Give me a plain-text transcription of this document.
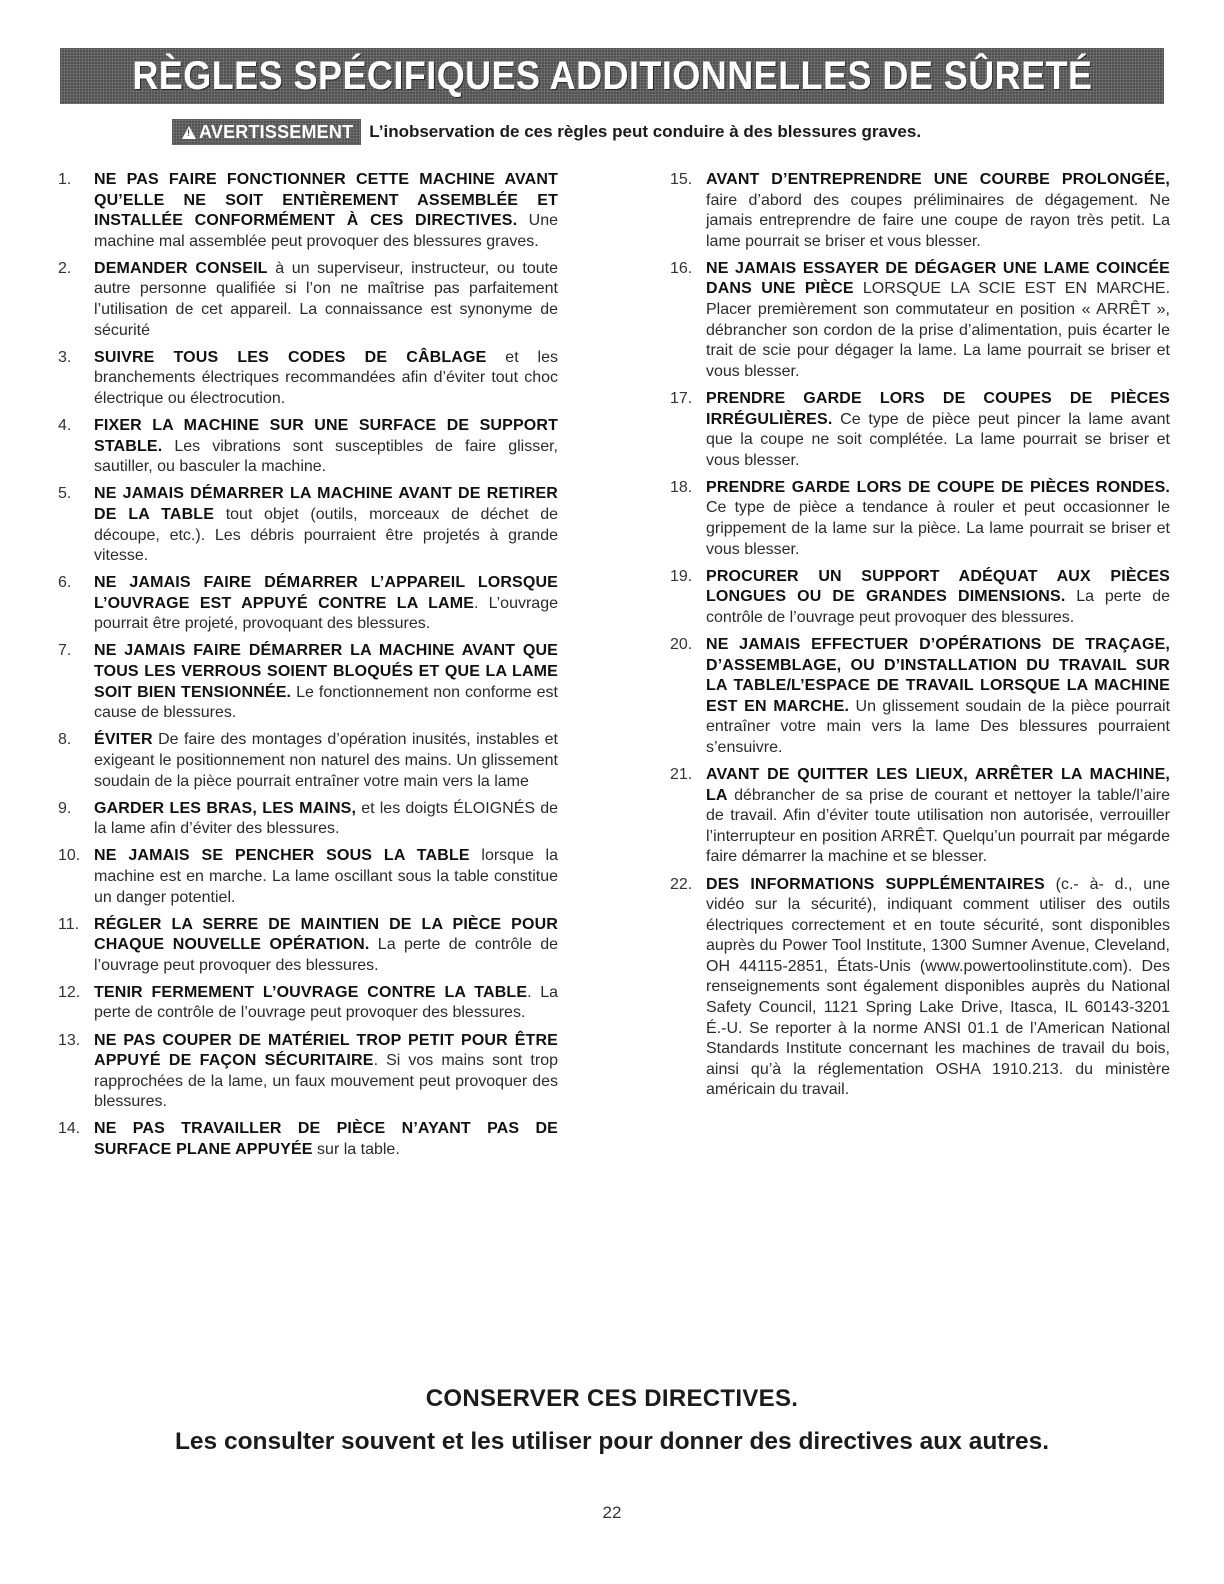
RÈGLES SPÉCIFIQUES ADDITIONNELLES DE SÛRETÉ
!
AVERTISSEMENT L’inobservation de ces règles peut conduire à des blessures graves.
1.	NE PAS FAIRE FONCTIONNER CETTE MACHINE AVANT QU’ELLE NE SOIT ENTIÈREMENT ASSEMBLÉE ET INSTALLÉE CONFORMÉMENT À CES DIRECTIVES. Une machine mal assemblée peut provoquer des blessures graves.
2.	DEMANDER CONSEIL à un superviseur, instructeur, ou toute autre personne qualifiée si l’on ne maîtrise pas parfaitement l’utilisation de cet appareil. La connaissance est synonyme de sécurité
3.	SUIVRE TOUS LES CODES DE CÂBLAGE et les branchements électriques recommandées afin d’éviter tout choc électrique ou électrocution.
4.	FIXER LA MACHINE SUR UNE SURFACE DE SUPPORT STABLE. Les vibrations sont susceptibles de faire glisser, sautiller, ou basculer la machine.
5.	NE JAMAIS DÉMARRER LA MACHINE AVANT DE RETIRER DE LA TABLE tout objet (outils, morceaux de déchet de découpe, etc.). Les débris pourraient être projetés à grande vitesse.
6.	NE JAMAIS FAIRE DÉMARRER L’APPAREIL LORSQUE L’OUVRAGE EST APPUYÉ CONTRE LA LAME. L’ouvrage pourrait être projeté, provoquant des blessures.
7.	NE JAMAIS FAIRE DÉMARRER LA MACHINE AVANT QUE TOUS LES VERROUS SOIENT BLOQUÉS ET QUE LA LAME SOIT BIEN TENSIONNÉE. Le fonctionnement non conforme est cause de blessures.
8.	ÉVITER De faire des montages d’opération inusités, instables et exigeant le positionnement non naturel des mains. Un glissement soudain de la pièce pourrait entraîner votre main vers la lame
9.	GARDER LES BRAS, LES MAINS, et les doigts ÉLOIGNÉS de la lame afin d’éviter des blessures.
10. NE JAMAIS SE PENCHER SOUS LA TABLE lorsque la machine est en marche. La lame oscillant sous la table constitue un danger potentiel.
11. RÉGLER LA SERRE DE MAINTIEN DE LA PIÈCE POUR CHAQUE NOUVELLE OPÉRATION. La perte de contrôle de l’ouvrage peut provoquer des blessures.
12. TENIR FERMEMENT L’OUVRAGE CONTRE LA TABLE. La perte de contrôle de l’ouvrage peut provoquer des blessures.
13. NE PAS COUPER DE MATÉRIEL TROP PETIT POUR ÊTRE APPUYÉ DE FAÇON SÉCURITAIRE. Si vos mains sont trop rapprochées de la lame, un faux mouvement peut provoquer des blessures.
14. NE PAS TRAVAILLER DE PIÈCE N’AYANT PAS DE SURFACE PLANE APPUYÉE sur la table.
15. AVANT D’ENTREPRENDRE UNE COURBE PROLONGÉE, faire d’abord des coupes préliminaires de dégagement. Ne jamais entreprendre de faire une coupe de rayon très petit. La lame pourrait se briser et vous blesser.
16. NE JAMAIS ESSAYER DE DÉGAGER UNE LAME COINCÉE DANS UNE PIÈCE LORSQUE LA SCIE EST EN MARCHE. Placer premièrement son commutateur en position « ARRÊT », débrancher son cordon de la prise d’alimentation, puis écarter le trait de scie pour dégager la lame. La lame pourrait se briser et vous blesser.
17. PRENDRE GARDE LORS DE COUPES DE PIÈCES IRRÉGULIÈRES. Ce type de pièce peut pincer la lame avant que la coupe ne soit complétée. La lame pourrait se briser et vous blesser.
18. PRENDRE GARDE LORS DE COUPE DE PIÈCES RONDES. Ce type de pièce a tendance à rouler et peut occasionner le grippement de la lame sur la pièce. La lame pourrait se briser et vous blesser.
19. PROCURER UN SUPPORT ADÉQUAT AUX PIÈCES LONGUES OU DE GRANDES DIMENSIONS. La perte de contrôle de l’ouvrage peut provoquer des blessures.
20. NE JAMAIS EFFECTUER D’OPÉRATIONS DE TRAÇAGE, D’ASSEMBLAGE, OU D’INSTALLATION DU TRAVAIL SUR LA TABLE/L’ESPACE DE TRAVAIL LORSQUE LA MACHINE EST EN MARCHE. Un glissement soudain de la pièce pourrait entraîner votre main vers la lame Des blessures pourraient s’ensuivre.
21. AVANT DE QUITTER LES LIEUX, ARRÊTER LA MACHINE, LA débrancher de sa prise de courant et nettoyer la table/l’aire de travail. Afin d’éviter toute utilisation non autorisée, verrouiller l’interrupteur en position ARRÊT. Quelqu’un pourrait par mégarde faire démarrer la machine et se blesser.
22. DES INFORMATIONS SUPPLÉMENTAIRES (c.- à- d., une vidéo sur la sécurité), indiquant comment utiliser des outils électriques correctement et en toute sécurité, sont disponibles auprès du Power Tool Institute, 1300 Sumner Avenue, Cleveland, OH 44115-2851, États-Unis (www.powertoolinstitute.com). Des renseignements sont également disponibles auprès du National Safety Council, 1121 Spring Lake Drive, Itasca, IL 60143-3201 É.-U. Se reporter à la norme ANSI 01.1 de l’American National Standards Institute concernant les machines de travail du bois, ainsi qu’à la réglementation OSHA 1910.213. du ministère américain du travail.

CONSERVER CES DIRECTIVES.

Les consulter souvent et les utiliser pour donner des directives aux autres.

22
